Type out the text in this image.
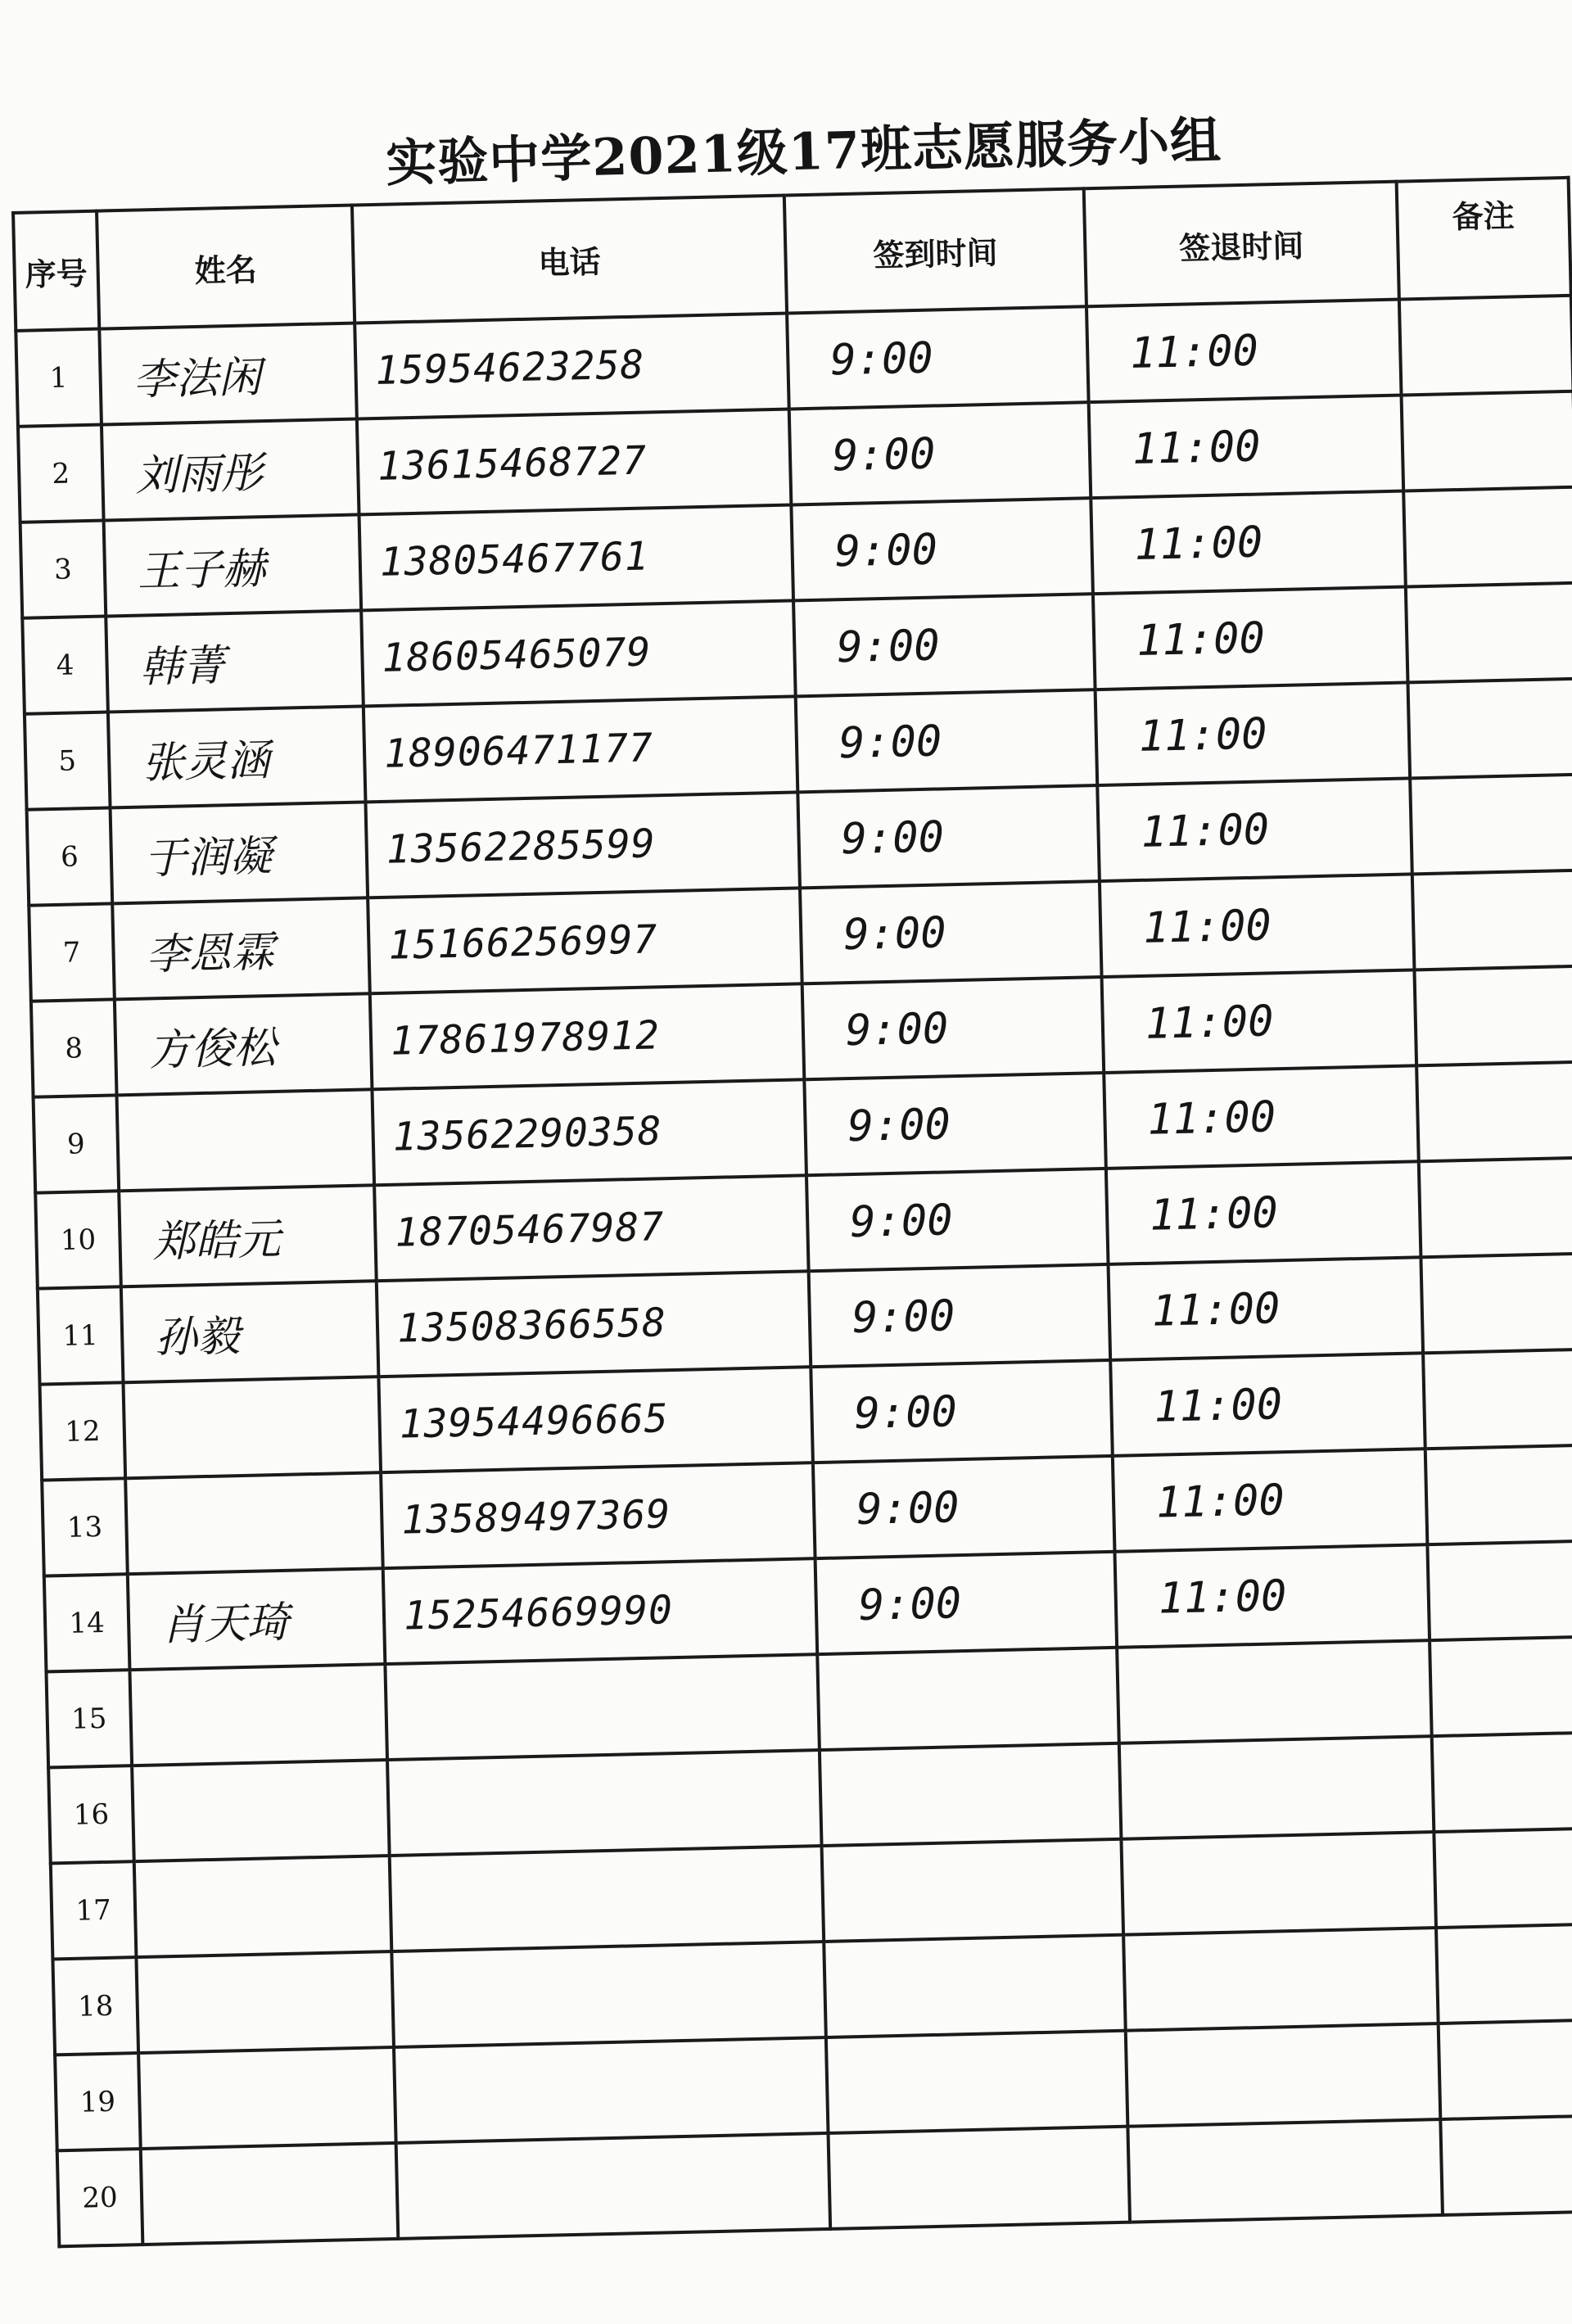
实验中学2021级17班志愿服务小组
序号	姓名	电话	签到时间	签退时间	备注
1	李法闲	15954623258	9:00	11:00	
2	刘雨彤	13615468727	9:00	11:00	
3	王子赫	13805467761	9:00	11:00	
4	韩菁	18605465079	9:00	11:00	
5	张灵涵	18906471177	9:00	11:00	
6	于润凝	13562285599	9:00	11:00	
7	李恩霖	15166256997	9:00	11:00	
8	方俊松	17861978912	9:00	11:00	
9		13562290358	9:00	11:00	
10	郑皓元	18705467987	9:00	11:00	
11	孙毅	13508366558	9:00	11:00	
12		13954496665	9:00	11:00	
13		13589497369	9:00	11:00	
14	肖天琦	15254669990	9:00	11:00	
15					
16					
17					
18					
19					
20					
